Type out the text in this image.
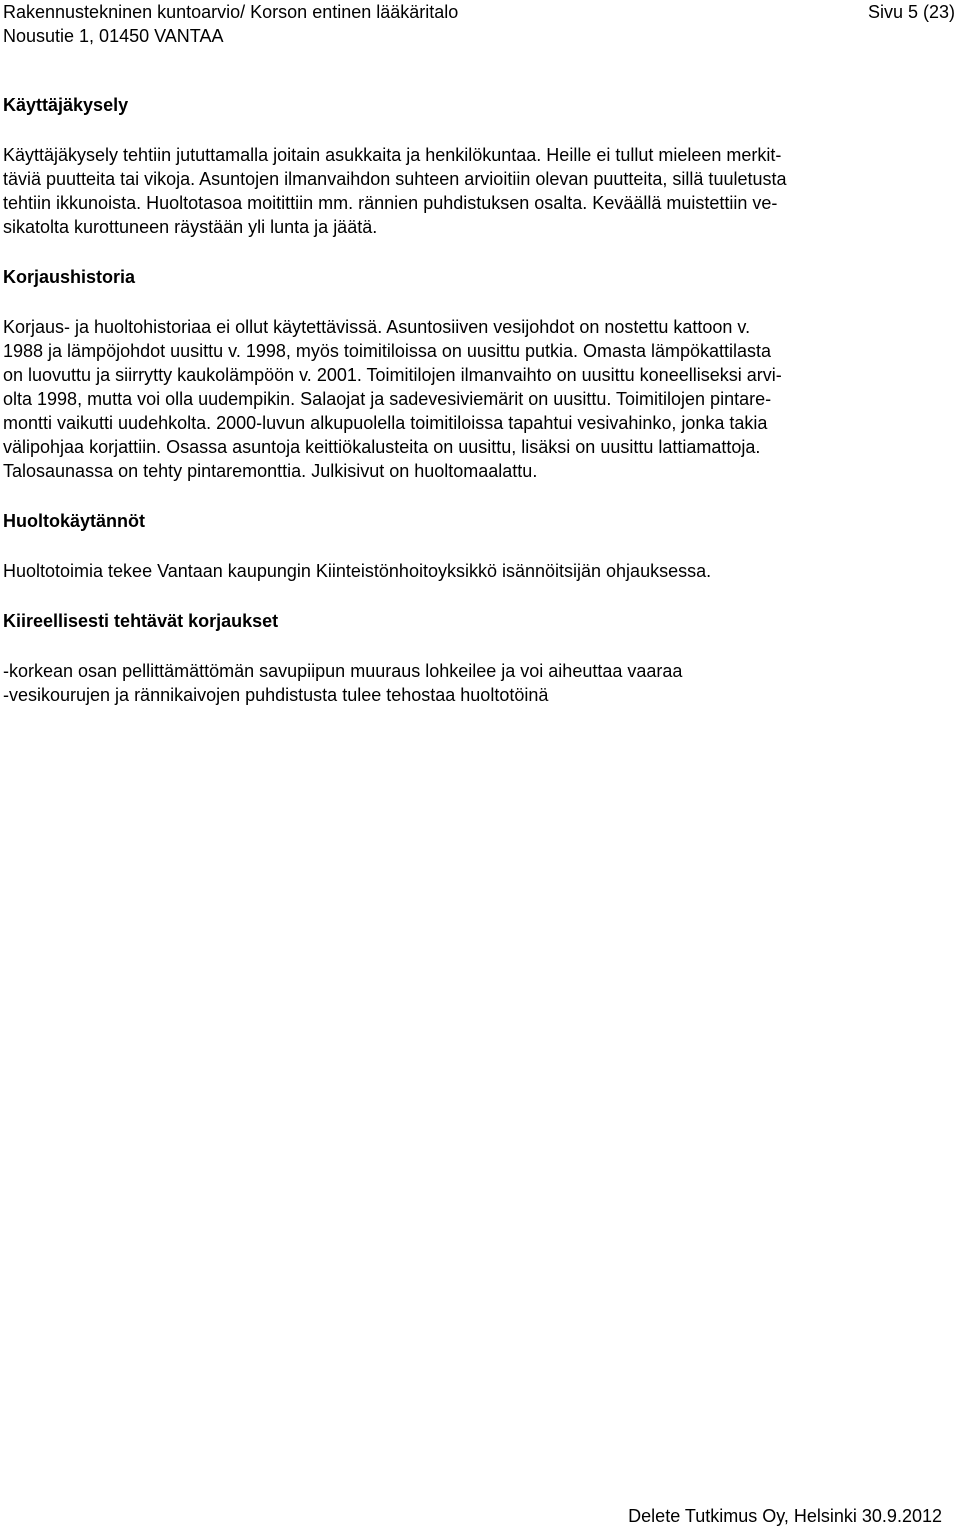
Rakennustekninen kuntoarvio/ Korson entinen lääkäritalo	Sivu 5 (23)
Nousutie 1, 01450 VANTAA
Käyttäjäkysely
Käyttäjäkysely tehtiin jututtamalla joitain asukkaita ja henkilökuntaa. Heille ei tullut mieleen merkit-
täviä puutteita tai vikoja. Asuntojen ilmanvaihdon suhteen arvioitiin olevan puutteita, sillä tuuletusta
tehtiin ikkunoista. Huoltotasoa moitittiin mm. rännien puhdistuksen osalta. Keväällä muistettiin ve-
sikatolta kurottuneen räystään yli lunta ja jäätä.
Korjaushistoria
Korjaus- ja huoltohistoriaa ei ollut käytettävissä. Asuntosiiven vesijohdot on nostettu kattoon v.
1988 ja lämpöjohdot uusittu v. 1998, myös toimitiloissa on uusittu putkia. Omasta lämpökattilasta
on luovuttu ja siirrytty kaukolämpöön v. 2001. Toimitilojen ilmanvaihto on uusittu koneelliseksi arvi-
olta 1998, mutta voi olla uudempikin. Salaojat ja sadevesiviemärit on uusittu. Toimitilojen pintare-
montti vaikutti uudehkolta. 2000-luvun alkupuolella toimitiloissa tapahtui vesivahinko, jonka takia
välipohjaa korjattiin. Osassa asuntoja keittiökalusteita on uusittu, lisäksi on uusittu lattiamattoja.
Talosaunassa on tehty pintaremonttia. Julkisivut on huoltomaalattu.
Huoltokäytännöt
Huoltotoimia tekee Vantaan kaupungin Kiinteistönhoitoyksikkö isännöitsijän ohjauksessa.
Kiireellisesti tehtävät korjaukset
-korkean osan pellittämättömän savupiipun muuraus lohkeilee ja voi aiheuttaa vaaraa
-vesikourujen ja rännikaivojen puhdistusta tulee tehostaa huoltotöinä
Delete Tutkimus Oy, Helsinki 30.9.2012
